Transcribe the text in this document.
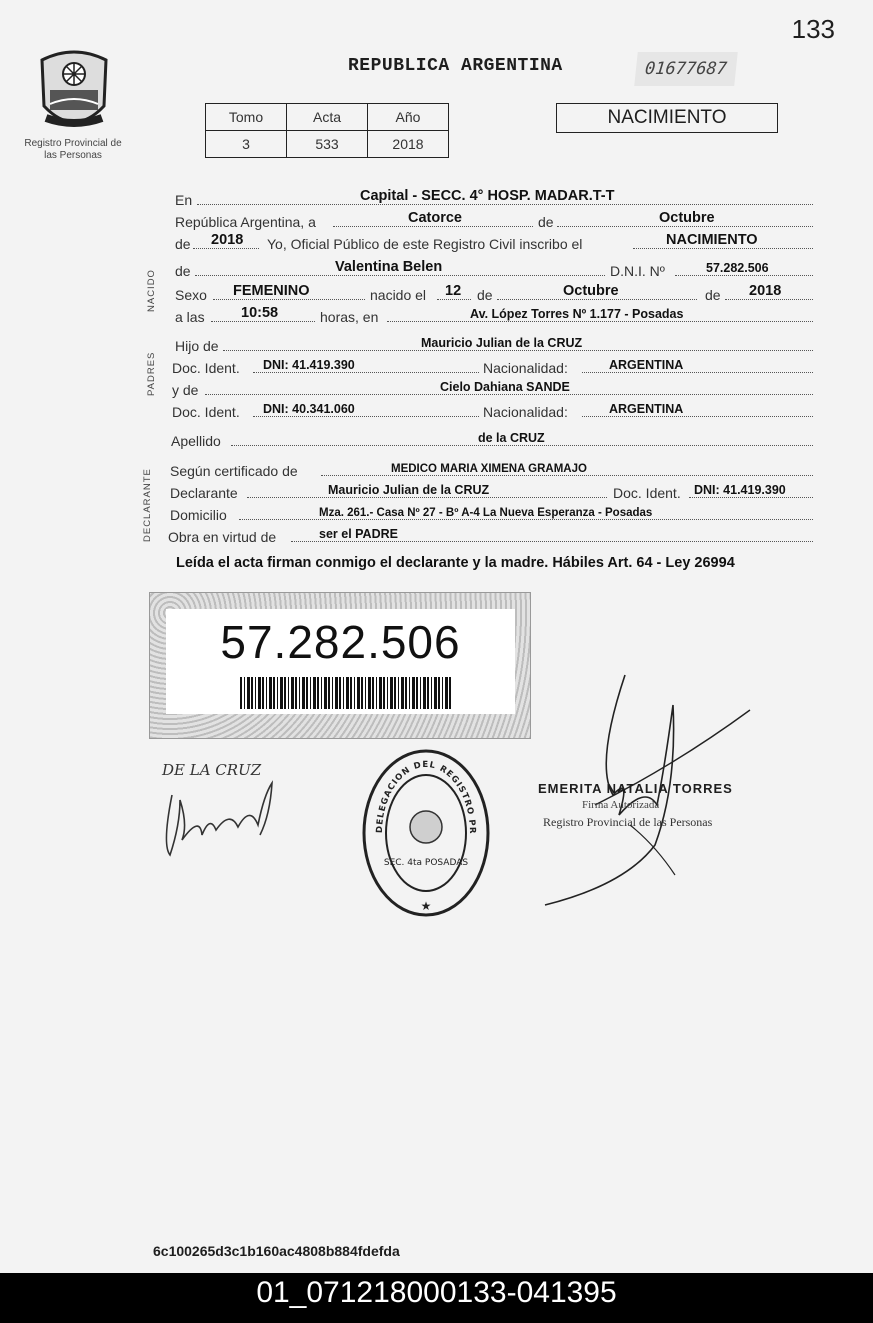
133
Registro Provincial de las Personas
REPUBLICA ARGENTINA	01677687
Tomo	Acta	Año
3	533	2018
NACIMIENTO
NACIDO
PADRES
DECLARANTE
En	Capital - SECC. 4° HOSP. MADAR.T-T
República Argentina, a	Catorce	de	Octubre
de 2018 Yo, Oficial Público de este Registro Civil inscribo el	NACIMIENTO
de	Valentina Belen	D.N.I. Nº	57.282.506
Sexo FEMENINO	nacido el 12 de	Octubre	de 2018
a las	10:58	horas, en	Av. López Torres Nº 1.177 - Posadas
Hijo de	Mauricio Julian de la CRUZ
Doc. Ident. DNI: 41.419.390	Nacionalidad:	ARGENTINA
y de	Cielo Dahiana SANDE
Doc. Ident. DNI: 40.341.060	Nacionalidad:	ARGENTINA
Apellido	de la CRUZ
Según certificado de	MEDICO MARIA XIMENA GRAMAJO
Declarante	Mauricio Julian de la CRUZ	Doc. Ident. DNI: 41.419.390
Domicilio	Mza. 261.- Casa Nº 27 - Bº A-4 La Nueva Esperanza - Posadas
Obra en virtud de	ser el PADRE
Leída el acta firman conmigo el declarante y la madre. Hábiles Art. 64 - Ley 26994
57.282.506
DE LA CRUZ
DELEGACION DEL REGISTRO PROVINCIAL DE LAS PERSONAS
SEC. 4ta POSADAS
★
EMERITA NATALIA TORRES
Firma Autorizada
Registro Provincial de las Personas
6c100265d3c1b160ac4808b884fdefda
01_071218000133-041395
